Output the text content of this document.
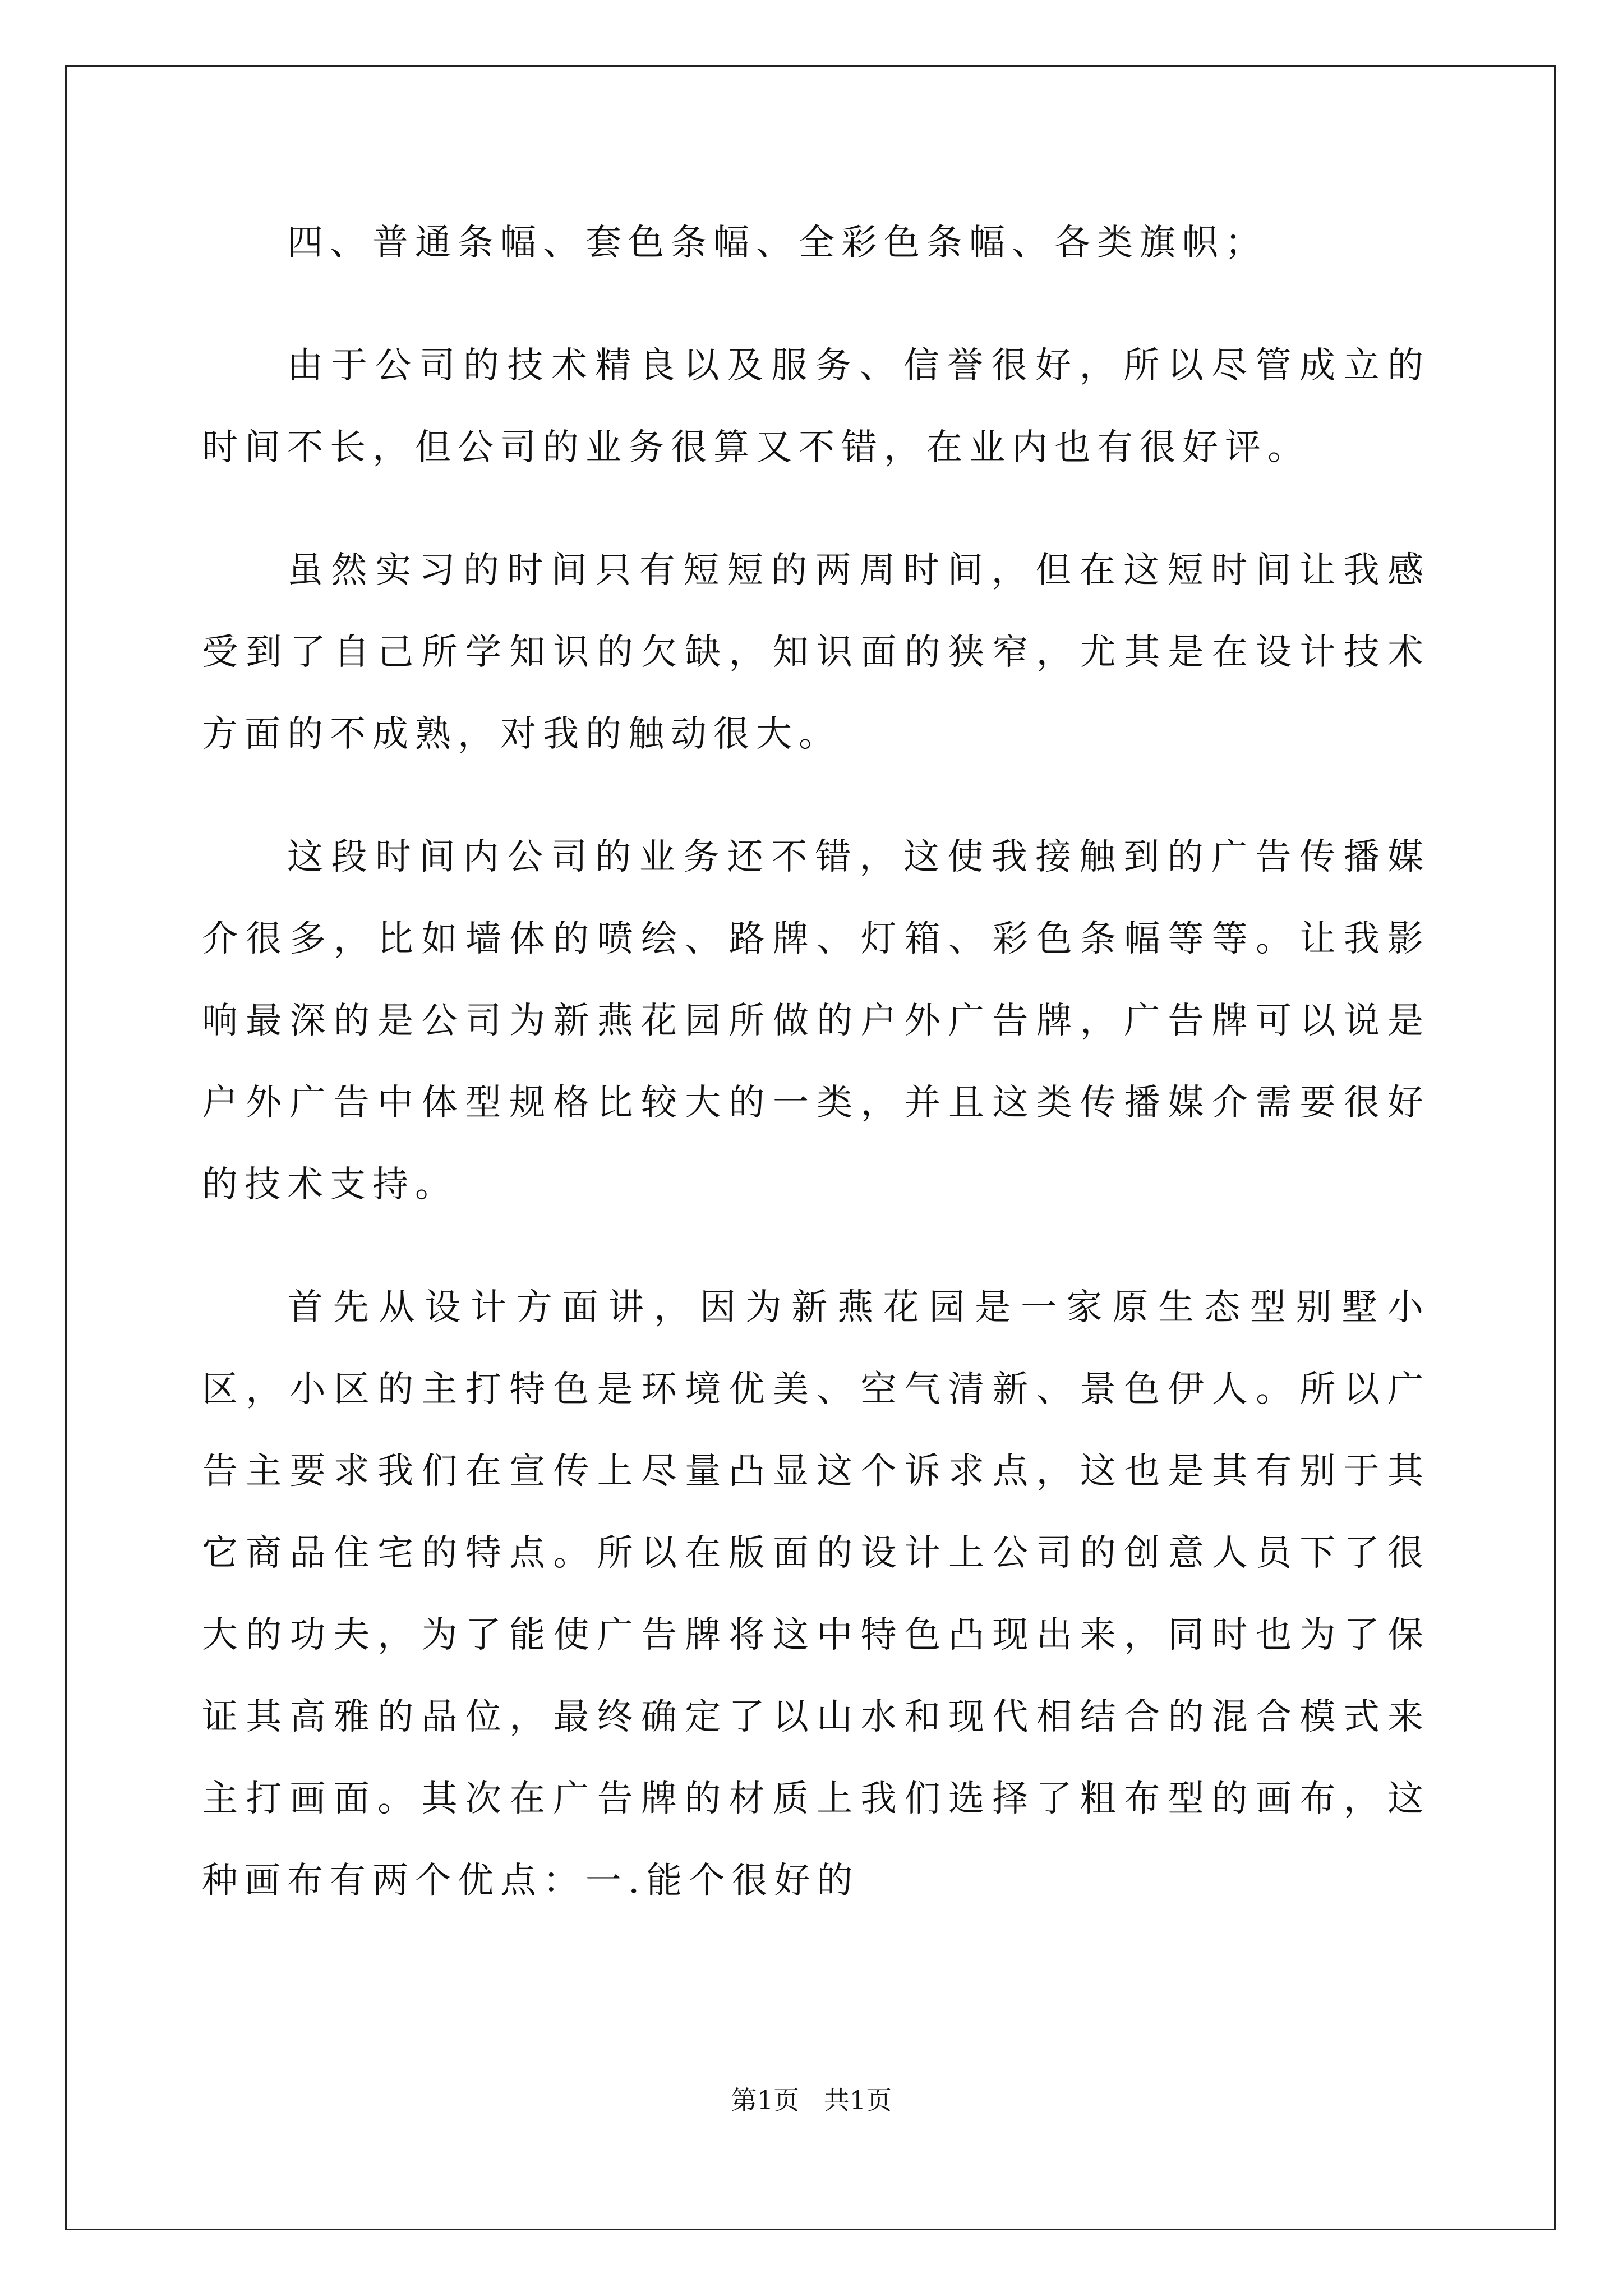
四、普通条幅、套色条幅、全彩色条幅、各类旗帜；

由于公司的技术精良以及服务、信誉很好，所以尽管成立的时间不长，但公司的业务很算又不错，在业内也有很好评。

虽然实习的时间只有短短的两周时间，但在这短时间让我感受到了自己所学知识的欠缺，知识面的狭窄，尤其是在设计技术方面的不成熟，对我的触动很大。

这段时间内公司的业务还不错，这使我接触到的广告传播媒介很多，比如墙体的喷绘、路牌、灯箱、彩色条幅等等。让我影响最深的是公司为新燕花园所做的户外广告牌，广告牌可以说是户外广告中体型规格比较大的一类，并且这类传播媒介需要很好的技术支持。

首先从设计方面讲，因为新燕花园是一家原生态型别墅小区，小区的主打特色是环境优美、空气清新、景色伊人。所以广告主要求我们在宣传上尽量凸显这个诉求点，这也是其有别于其它商品住宅的特点。所以在版面的设计上公司的创意人员下了很大的功夫，为了能使广告牌将这中特色凸现出来，同时也为了保证其高雅的品位，最终确定了以山水和现代相结合的混合模式来主打画面。其次在广告牌的材质上我们选择了粗布型的画布，这种画布有两个优点：一.能个很好的

第1页   共1页
